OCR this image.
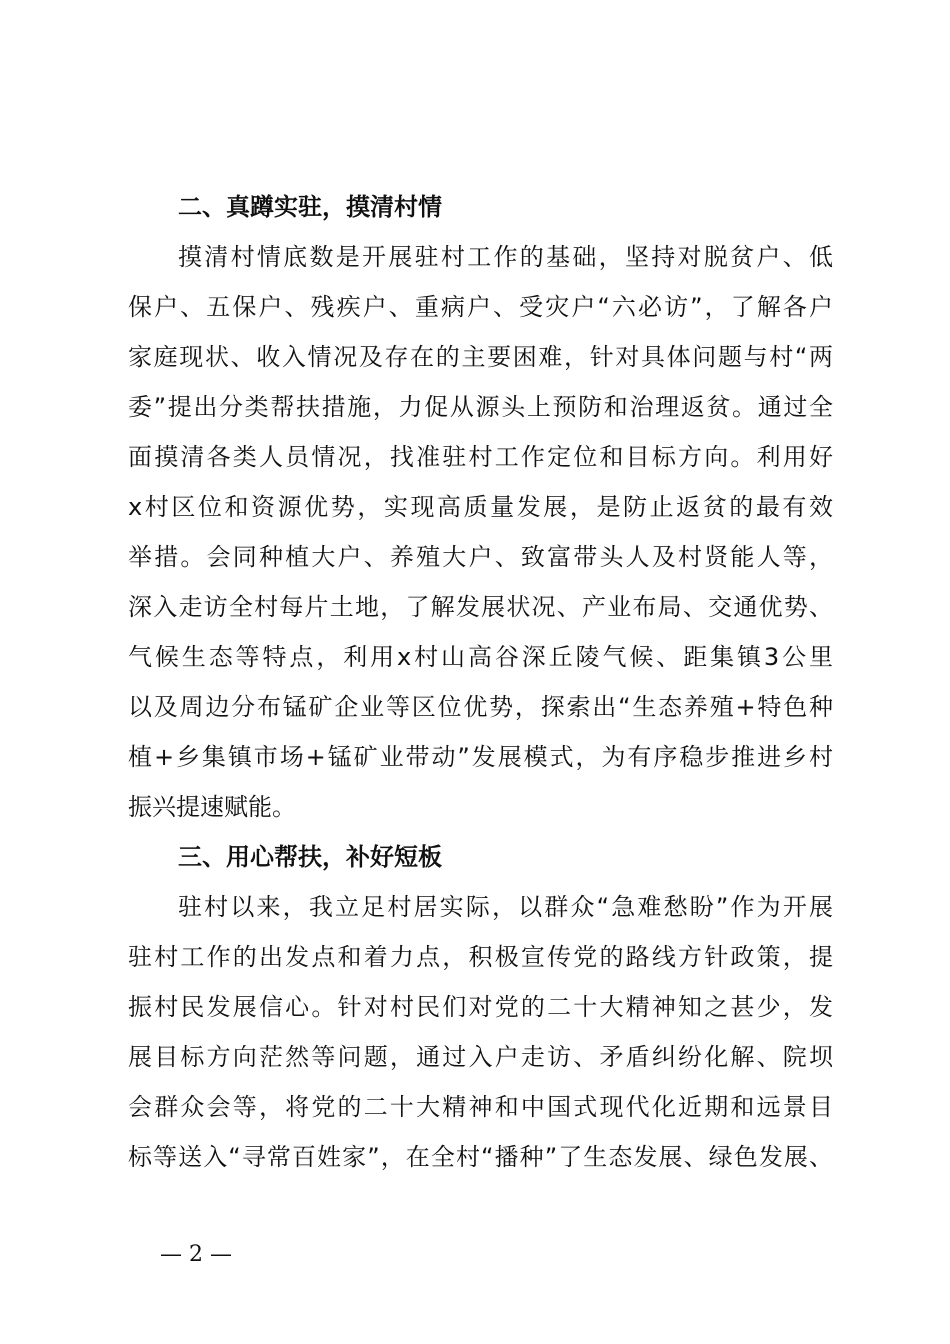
二、真蹲实驻，摸清村情

摸清村情底数是开展驻村工作的基础，坚持对脱贫户、低
保户、五保户、残疾户、重病户、受灾户“六必访”，了解各户
家庭现状、收入情况及存在的主要困难，针对具体问题与村“两
委”提出分类帮扶措施，力促从源头上预防和治理返贫。通过全
面摸清各类人员情况，找准驻村工作定位和目标方向。利用好
x村区位和资源优势，实现高质量发展，是防止返贫的最有效
举措。会同种植大户、养殖大户、致富带头人及村贤能人等，
深入走访全村每片土地，了解发展状况、产业布局、交通优势、
气候生态等特点，利用x村山高谷深丘陵气候、距集镇3公里
以及周边分布锰矿企业等区位优势，探索出“生态养殖+特色种
植+乡集镇市场+锰矿业带动”发展模式，为有序稳步推进乡村
振兴提速赋能。

三、用心帮扶，补好短板

驻村以来，我立足村居实际，以群众“急难愁盼”作为开展
驻村工作的出发点和着力点，积极宣传党的路线方针政策，提
振村民发展信心。针对村民们对党的二十大精神知之甚少，发
展目标方向茫然等问题，通过入户走访、矛盾纠纷化解、院坝
会群众会等，将党的二十大精神和中国式现代化近期和远景目
标等送入“寻常百姓家”，在全村“播种”了生态发展、绿色发展、

— 2 —
